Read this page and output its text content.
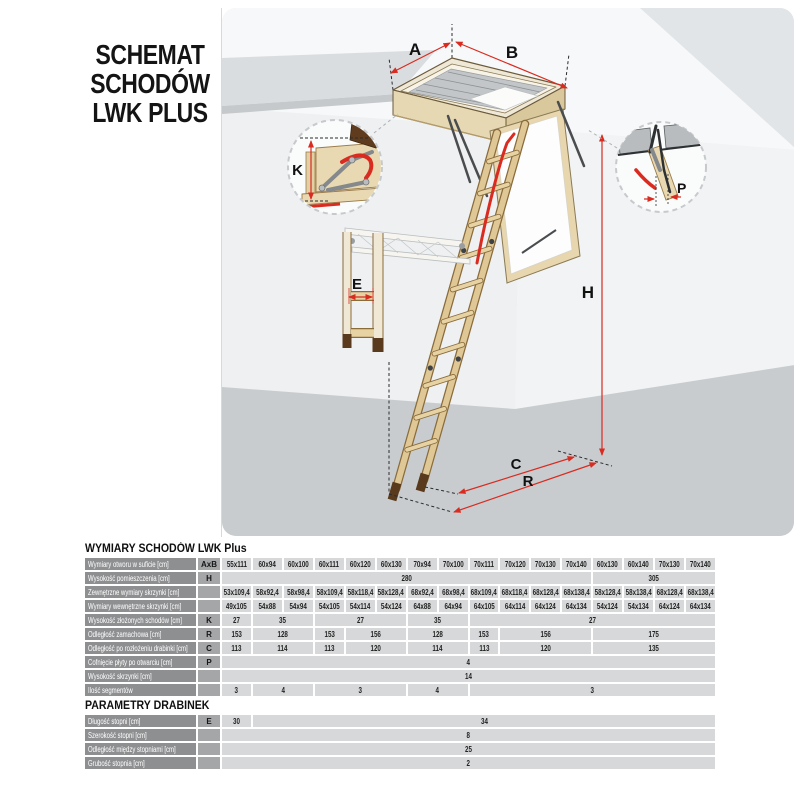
SCHEMAT
SCHODÓW
LWK PLUS
A	B
H
C
R
K
E
P
WYMIARY SCHODÓW LWK Plus
Wymiary otworu w suficie [cm]	AxB	55x111 60x94 60x100 60x111 60x120 60x130 70x94 70x100 70x111 70x120 70x130 70x140 60x130 60x140 70x130 70x140
Wysokość pomieszczenia [cm]	H	280	305
Zewnętrzne wymiary skrzynki [cm]	53x109,4 58x92,4 58x98,4 58x109,4 58x118,4 58x128,4 68x92,4 68x98,4 68x109,4 68x118,4 68x128,4 68x138,4 58x128,4 58x138,4 68x128,4 68x138,4
Wymiary wewnętrzne skrzynki [cm]	49x105 54x88 54x94 54x105 54x114 54x124 64x88 64x94 64x105 64x114 64x124 64x134 54x124 54x134 64x124 64x134
Wysokość złożonych schodów [cm]	K	27	35	27	35	27
Odległość zamachowa [cm]	R	153	128	153	156	128	153	156	175
Odległość po rozłożeniu drabinki [cm]	C	113	114	113	120	114	113	120	135
Cofnięcie płyty po otwarciu [cm]	P	4
Wysokość skrzynki [cm]	14
Ilość segmentów	3	4	3	4	3
PARAMETRY DRABINEK
Długość stopni [cm]	E	30	34
Szerokość stopni [cm]	8
Odległość między stopniami [cm]	25
Grubość stopnia [cm]	2
